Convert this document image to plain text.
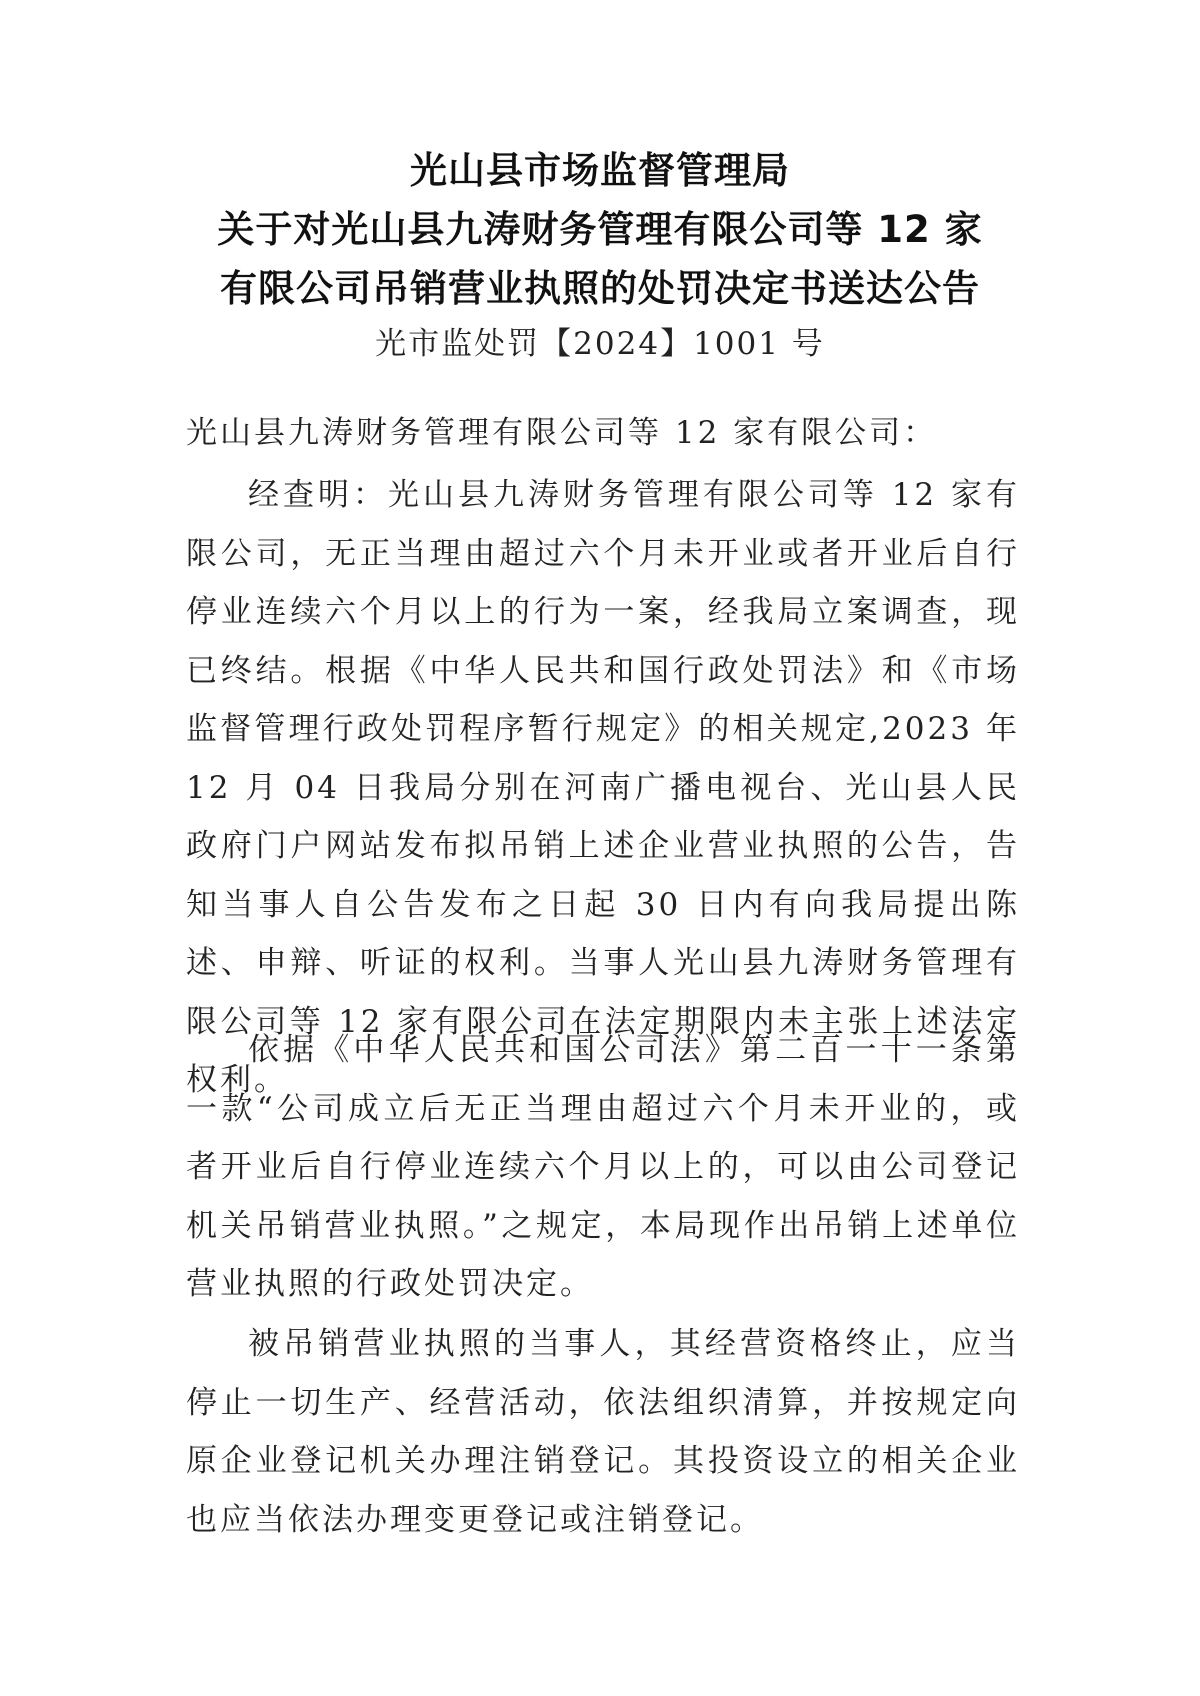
光山县市场监督管理局
关于对光山县九涛财务管理有限公司等 12 家
有限公司吊销营业执照的处罚决定书送达公告
光市监处罚【2024】1001 号
光山县九涛财务管理有限公司等 12 家有限公司：

经查明：光山县九涛财务管理有限公司等 12 家有限公司，无正当理由超过六个月未开业或者开业后自行停业连续六个月以上的行为一案，经我局立案调查，现已终结。根据《中华人民共和国行政处罚法》和《市场监督管理行政处罚程序暂行规定》的相关规定,2023 年 12 月 04 日我局分别在河南广播电视台、光山县人民政府门户网站发布拟吊销上述企业营业执照的公告，告知当事人自公告发布之日起 30 日内有向我局提出陈述、申辩、听证的权利。当事人光山县九涛财务管理有限公司等 12 家有限公司在法定期限内未主张上述法定权利。

依据《中华人民共和国公司法》第二百一十一条第一款“公司成立后无正当理由超过六个月未开业的，或者开业后自行停业连续六个月以上的，可以由公司登记机关吊销营业执照。”之规定，本局现作出吊销上述单位营业执照的行政处罚决定。

被吊销营业执照的当事人，其经营资格终止，应当停止一切生产、经营活动，依法组织清算，并按规定向原企业登记机关办理注销登记。其投资设立的相关企业也应当依法办理变更登记或注销登记。
